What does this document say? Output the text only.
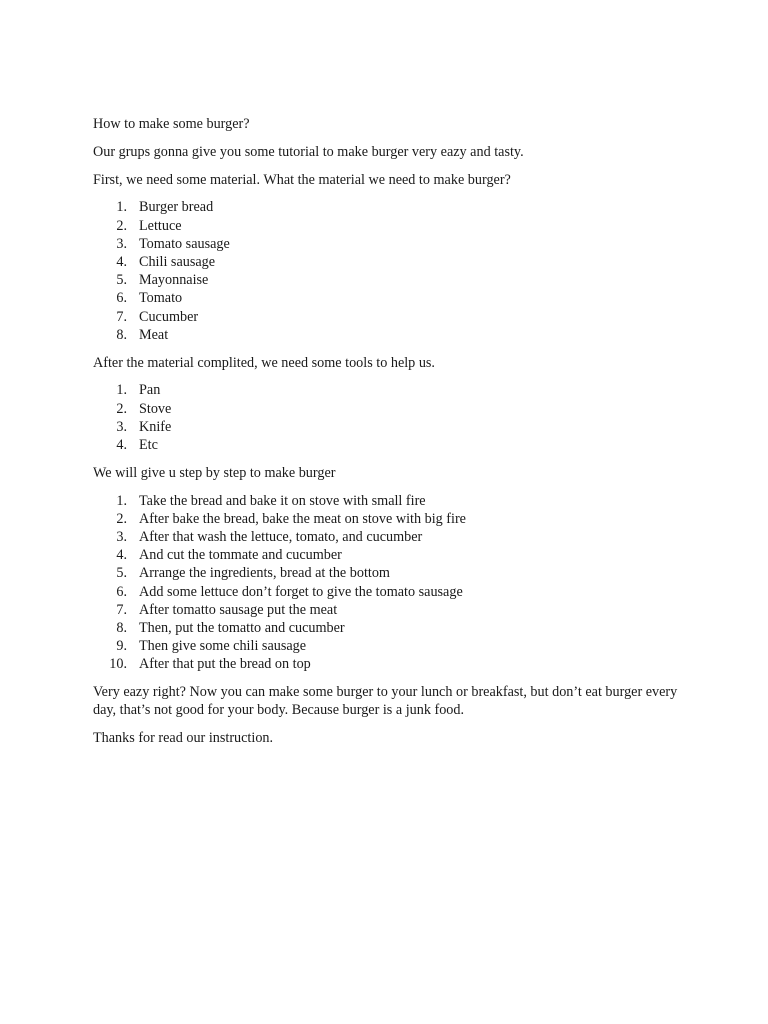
How to make some burger?

Our grups gonna give you some tutorial to make burger very eazy and tasty.

First, we need some material. What the material we need to make burger?

1. Burger bread
2. Lettuce
3. Tomato sausage
4. Chili sausage
5. Mayonnaise
6. Tomato
7. Cucumber
8. Meat

After the material complited, we need some tools to help us.

1. Pan
2. Stove
3. Knife
4. Etc

We will give u step by step to make burger

1. Take the bread and bake it on stove with small fire
2. After bake the bread, bake the meat on stove with big fire
3. After that wash the lettuce, tomato, and cucumber
4. And cut the tommate and cucumber
5. Arrange the ingredients, bread at the bottom
6. Add some lettuce don’t forget to give the tomato sausage
7. After tomatto sausage put the meat
8. Then, put the tomatto and cucumber
9. Then give some chili sausage
10. After that put the bread on top

Very eazy right? Now you can make some burger to your lunch or breakfast, but don’t eat burger every day, that’s not good for your body. Because burger is a junk food.

Thanks for read our instruction.
